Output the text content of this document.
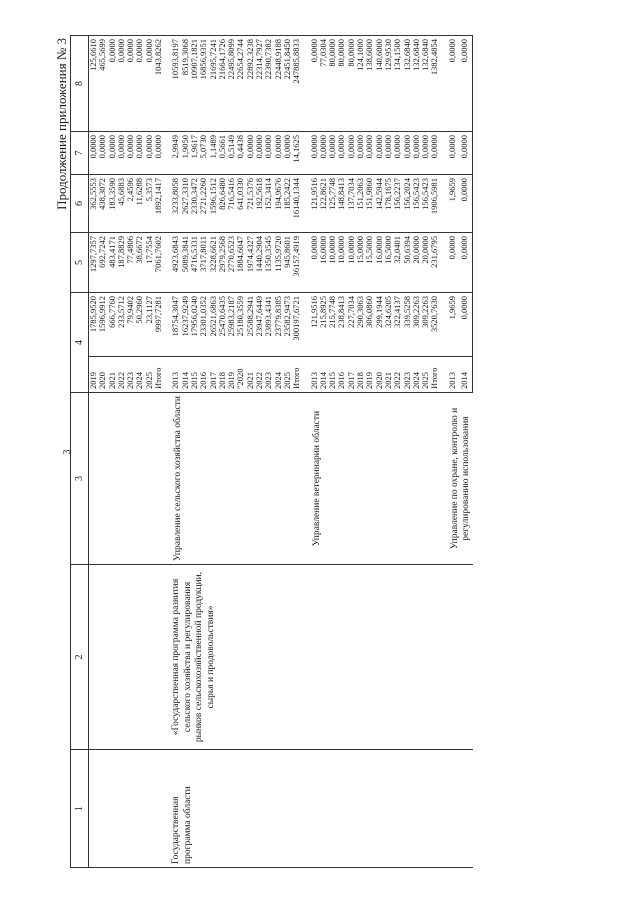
3
Продолжение приложения № 3
1	2	3	4		5	6	7	8
			2019	1785,9520	1297,7357	362,5553	0,0000	125,6610
			2020	1596,9912	692,7242	438,3072	0,0000	465,5699
			2021	666,7760	483,4171	183,3590	0,0000	0,0000
			2022	233,5712	187,8829	45,6883	0,0000	0,0000
			2023	79,9402	77,4806	2,4596	0,0000	0,0000
			2024	50,2960	38,6672	11,6288	0,0000	0,0000
			2025	23,1127	17,7554	5,3573	0,0000	0,0000
			Итого	9997,7281	7061,7602	1892,1417	0,0000	1043,8262

Государственная программа области	«Государственная программа развития сельского хозяйства и регулирования рынков сельскохозяйственной продукции, сырья и продовольствия»	Управление сельского хозяйства области	2013	18754,3047	4923,6843	3233,8058	2,9949	10593,8197
			2014	16237,9249	5089,3841	2627,3310	1,9050	8519,3068
			2015	17956,0240	4716,5331	2330,3472	1,9617	10907,1821
			2016	23301,0352	3717,8011	2721,2260	5,0730	16856,9351
			2017	26521,6863	3228,6621	1596,1512	1,1489	21695,7241
			2018	25470,6435	2979,2568	826,6480	0,5661	21664,1726
			2019	25983,2187	2770,6523	716,5416	0,5149	22495,8099
			"2020	25180,3559	1884,6047	641,0330	0,4438	22654,2744
			2021	25588,2941	1974,4327	721,5376	0,0000	22892,3238
			2022	23947,6449	1440,2904	192,5618	0,0000	22314,7927
			2023	23893,4341	1350,3545	152,3414	0,0000	22390,7382
			2024	23779,8385	1135,9720	194,9676	0,0000	22448,9188
			2025	23582,9473	945,8601	185,2422	0,0000	22451,8450
			Итого	300197,6721	36157,4919	16140,1344	14,1625	247885,8833

		Управление ветеринарии области	2013	121,9516	0,0000	121,9516	0,0000	0,0000
			2014	215,8925	16,0000	122,8621	0,0000	77,0304
			2015	215,7748	10,0000	125,7748	0,0000	80,0000
			2016	238,8413	10,0000	148,8413	0,0000	80,0000
			2017	227,7034	10,0000	137,7034	0,0000	80,0000
			2018	290,3063	15,0000	151,2063	0,0000	124,1000
			2019	306,0860	15,5000	151,9860	0,0000	138,6000
			2020	299,1944	16,0000	142,5944	0,0000	140,6000
			2021	324,6205	16,5000	178,1675	0,0000	129,9530
			2022	322,4137	32,0401	156,2237	0,0000	134,1500
			2023	339,5258	50,6394	156,2024	0,0000	132,6840
			2024	309,2263	20,0000	156,5423	0,0000	132,6840
			2025	309,2263	20,0000	156,5423	0,0000	132,6840
			Итого	3520,7630	231,6795	1906,5981	0,0000	1382,4854

		Управление по охране, контролю и регулированию использования	2013	1,9659	0,0000	1,9659	0,0000	0,0000
			2014	0,0000	0,0000	0,0000	0,0000	0,0000
